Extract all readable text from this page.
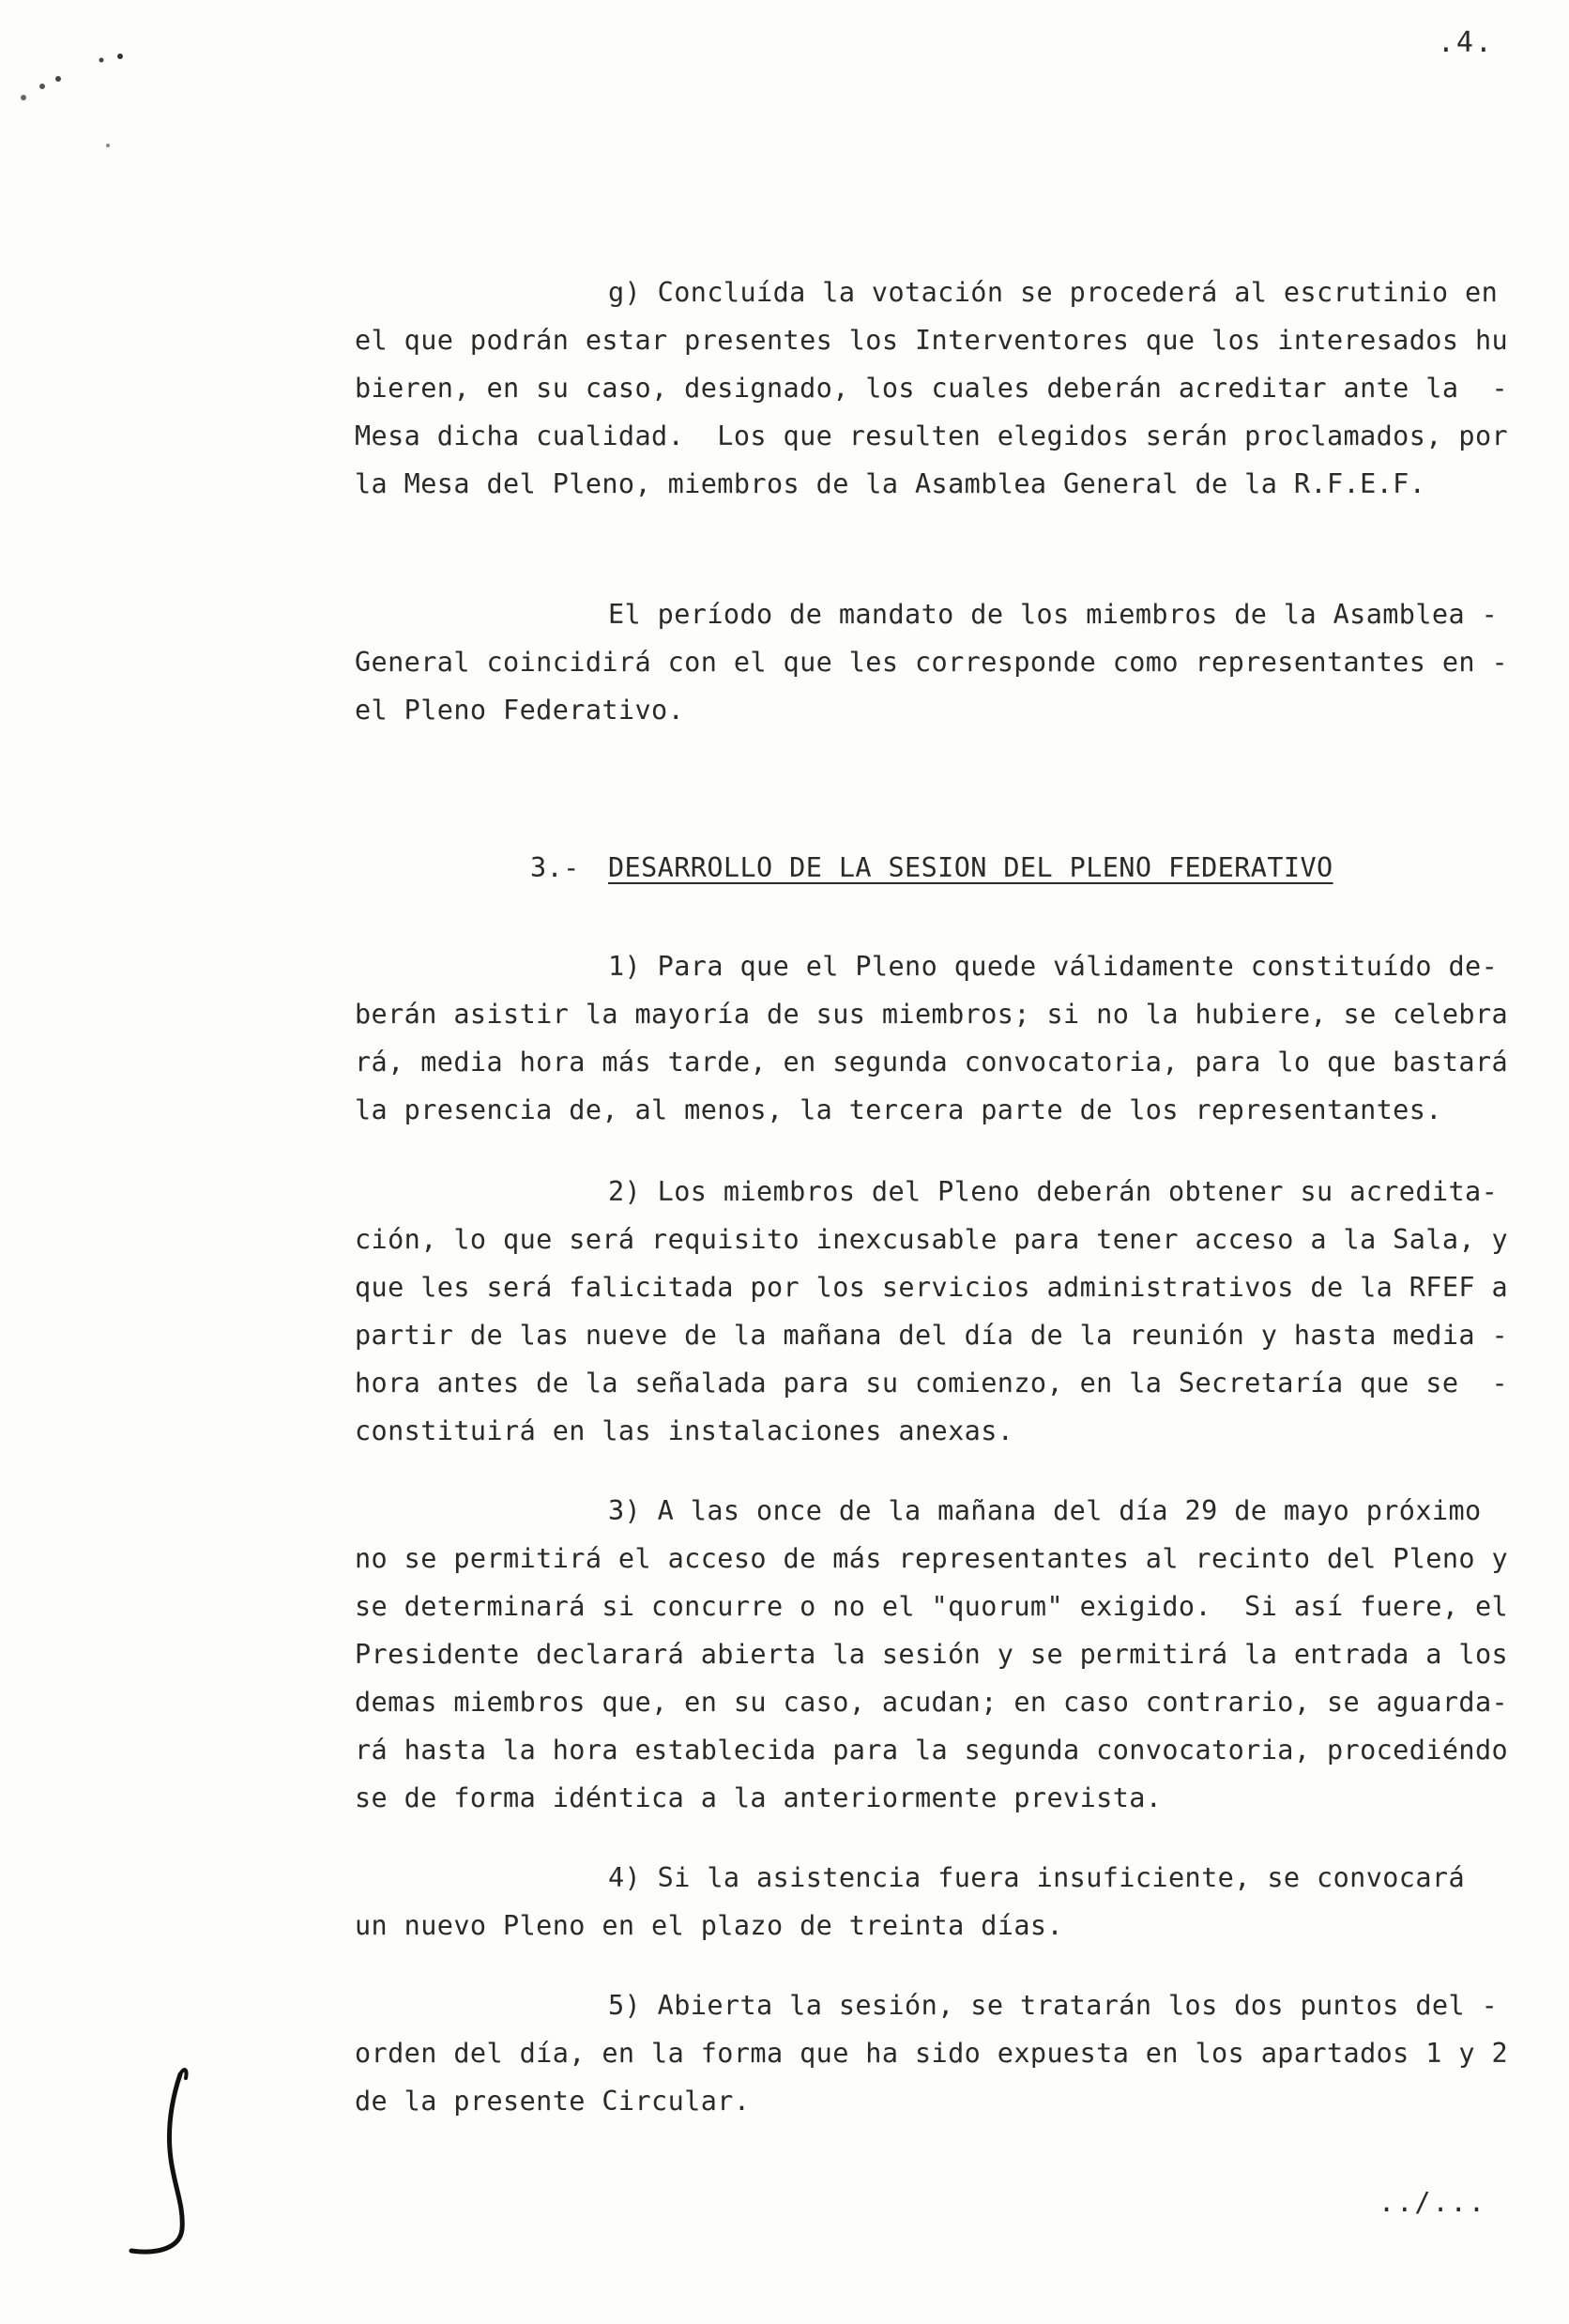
.4.
g) Concluída la votación se procederá al escrutinio en
el que podrán estar presentes los Interventores que los interesados hu
bieren, en su caso, designado, los cuales deberán acreditar ante la  -
Mesa dicha cualidad.  Los que resulten elegidos serán proclamados, por
la Mesa del Pleno, miembros de la Asamblea General de la R.F.E.F.
El período de mandato de los miembros de la Asamblea -
General coincidirá con el que les corresponde como representantes en -
el Pleno Federativo.
3.- DESARROLLO DE LA SESION DEL PLENO FEDERATIVO
1) Para que el Pleno quede válidamente constituído de-
berán asistir la mayoría de sus miembros; si no la hubiere, se celebra
rá, media hora más tarde, en segunda convocatoria, para lo que bastará
la presencia de, al menos, la tercera parte de los representantes.
2) Los miembros del Pleno deberán obtener su acredita-
ción, lo que será requisito inexcusable para tener acceso a la Sala, y
que les será falicitada por los servicios administrativos de la RFEF a
partir de las nueve de la mañana del día de la reunión y hasta media -
hora antes de la señalada para su comienzo, en la Secretaría que se  -
constituirá en las instalaciones anexas.
3) A las once de la mañana del día 29 de mayo próximo
no se permitirá el acceso de más representantes al recinto del Pleno y
se determinará si concurre o no el "quorum" exigido.  Si así fuere, el
Presidente declarará abierta la sesión y se permitirá la entrada a los
demas miembros que, en su caso, acudan; en caso contrario, se aguarda-
rá hasta la hora establecida para la segunda convocatoria, procediéndo
se de forma idéntica a la anteriormente prevista.
4) Si la asistencia fuera insuficiente, se convocará
un nuevo Pleno en el plazo de treinta días.
5) Abierta la sesión, se tratarán los dos puntos del -
orden del día, en la forma que ha sido expuesta en los apartados 1 y 2
de la presente Circular.
../...
